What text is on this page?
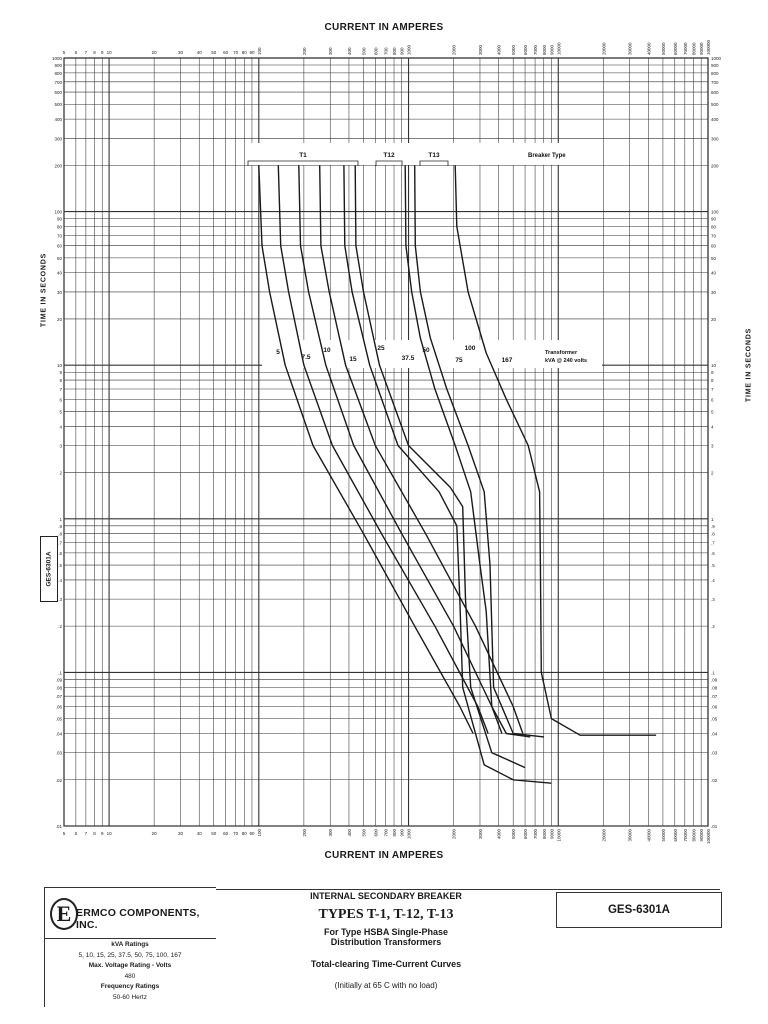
CURRENT IN AMPERES
CURRENT IN AMPERES
TIME IN SECONDS
TIME IN SECONDS
GES-6301A
5
5
6
6
7
7
8
8
9
9
10
10
20
20
30
30
40
40
50
50
60
60
70
70
80
80
90
90
100
100
200
200
300
300
400
400
500
500
600
600
700
700
800
800
900
900
1000
1000
2000
2000
3000
3000
4000
4000
5000
5000
6000
6000
7000
7000
8000
8000
9000
9000
10000
10000
20000
20000
30000
30000
40000
40000
50000
50000
60000
60000
70000
70000
80000
80000
90000
90000
100000
100000
1000	1000
900	900
800	800
700	700
600	600
500	500
400	400
300	300
200	200
100	100
90	90
80	80
70	70
60	60
50	50
40	40
30	30
20	20
10	10
9	9
8	8
7	7
6	6
5	5
4	4
3	3
2	2
1	1
.9	.9
.8	.8
.7	.7
.6	.6
.5	.5
.4	.4
.3	.3
.2	.2
.1	.1
.09	.09
.08	.08
.07	.07
.06	.06
.05	.05
.04	.04
.03	.03
.02	.02
.01	.01
T1	T12	T13	Breaker Type
5
7.5
10
15
25
37.5
50
75
100
167
Transformer
kVA @ 240 volts
E ERMCO COMPONENTS, INC.
kVA Ratings
5, 10, 15, 25, 37.5, 50, 75, 100, 167
Max. Voltage Rating - Volts
480
Frequency Ratings
50-60 Hertz
INTERNAL SECONDARY BREAKER
TYPES T-1, T-12, T-13
For Type HSBA Single-Phase
Distribution Transformers
Total-clearing Time-Current Curves
(Initially at 65 C with no load)
GES-6301A
